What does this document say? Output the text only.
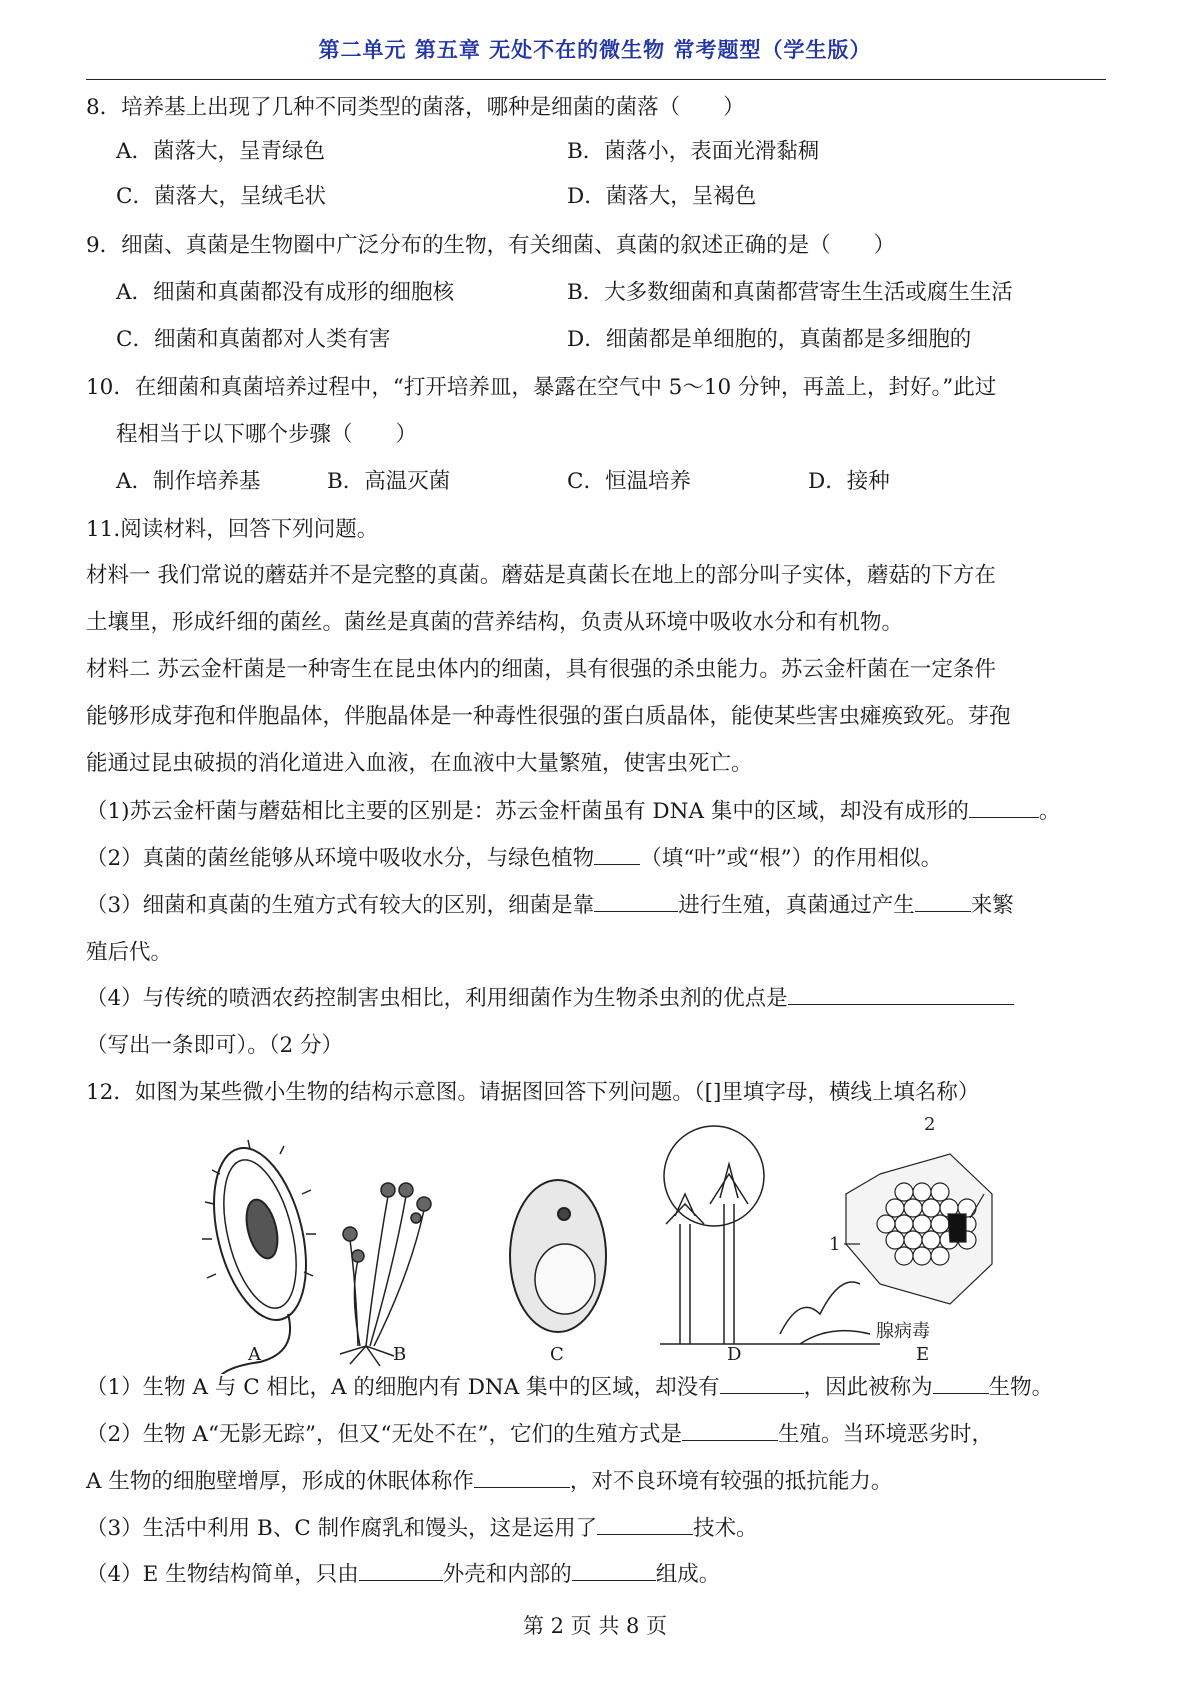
第二单元 第五章 无处不在的微生物 常考题型（学生版）
8．培养基上出现了几种不同类型的菌落，哪种是细菌的菌落（　　）
A．菌落大，呈青绿色	B．菌落小，表面光滑黏稠
C．菌落大，呈绒毛状	D．菌落大，呈褐色
9．细菌、真菌是生物圈中广泛分布的生物，有关细菌、真菌的叙述正确的是（　　）
A．细菌和真菌都没有成形的细胞核	B．大多数细菌和真菌都营寄生生活或腐生生活
C．细菌和真菌都对人类有害	D．细菌都是单细胞的，真菌都是多细胞的
10．在细菌和真菌培养过程中，“打开培养皿，暴露在空气中 5～10 分钟，再盖上，封好。”此过
程相当于以下哪个步骤（　　）
A．制作培养基	B．高温灭菌	C．恒温培养	D．接种
11.阅读材料，回答下列问题。
材料一 我们常说的蘑菇并不是完整的真菌。蘑菇是真菌长在地上的部分叫子实体，蘑菇的下方在
土壤里，形成纤细的菌丝。菌丝是真菌的营养结构，负责从环境中吸收水分和有机物。
材料二 苏云金杆菌是一种寄生在昆虫体内的细菌，具有很强的杀虫能力。苏云金杆菌在一定条件
能够形成芽孢和伴胞晶体，伴胞晶体是一种毒性很强的蛋白质晶体，能使某些害虫瘫痪致死。芽孢
能通过昆虫破损的消化道进入血液，在血液中大量繁殖，使害虫死亡。
（1)苏云金杆菌与蘑菇相比主要的区别是：苏云金杆菌虽有 DNA 集中的区域，却没有成形的	。
（2）真菌的菌丝能够从环境中吸收水分，与绿色植物 （填“叶”或“根”）的作用相似。
（3）细菌和真菌的生殖方式有较大的区别，细菌是靠	进行生殖，真菌通过产生	来繁
殖后代。
（4）与传统的喷洒农药控制害虫相比，利用细菌作为生物杀虫剂的优点是
（写出一条即可）。（2 分）
12．如图为某些微小生物的结构示意图。请据图回答下列问题。（[]里填字母，横线上填名称）
2
1
腺病毒
A	B	C	D	E
（1）生物 A 与 C 相比，A 的细胞内有 DNA 集中的区域，却没有	，因此被称为	生物。
（2）生物 A“无影无踪”，但又“无处不在”，它们的生殖方式是	生殖。当环境恶劣时，
A 生物的细胞壁增厚，形成的休眠体称作	，对不良环境有较强的抵抗能力。
（3）生活中利用 B、C 制作腐乳和馒头，这是运用了	技术。
（4）E 生物结构简单，只由	外壳和内部的	组成。
第 2 页 共 8 页
